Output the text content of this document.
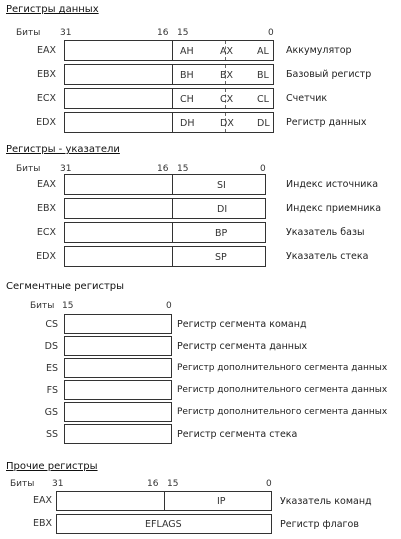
Регистры данных
Биты 31	16 15	0
EAX	AH	AX	AL Аккумулятор
EBX	BH	BX	BL Базовый регистр
ECX	CH	CX	CL Счетчик
EDX	DH	DX DL Регистр данных
Регистры - указатели
Биты 31	16 15	0
EAX	SI	Индекс источника
EBX	DI	Индекс приемника
ECX	BP	Указатель базы
EDX	SP	Указатель стека
Сегментные регистры
Биты 15	0
CS	Регистр сегмента команд
DS	Регистр сегмента данных
ES	Регистр дополнительного сегмента данных
FS	Регистр дополнительного сегмента данных
GS	Регистр дополнительного сегмента данных
SS	Регистр сегмента стека
Прочие регистры
Биты 31	16 15	0
EAX	IP	Указатель команд
EBX	EFLAGS	Регистр флагов
